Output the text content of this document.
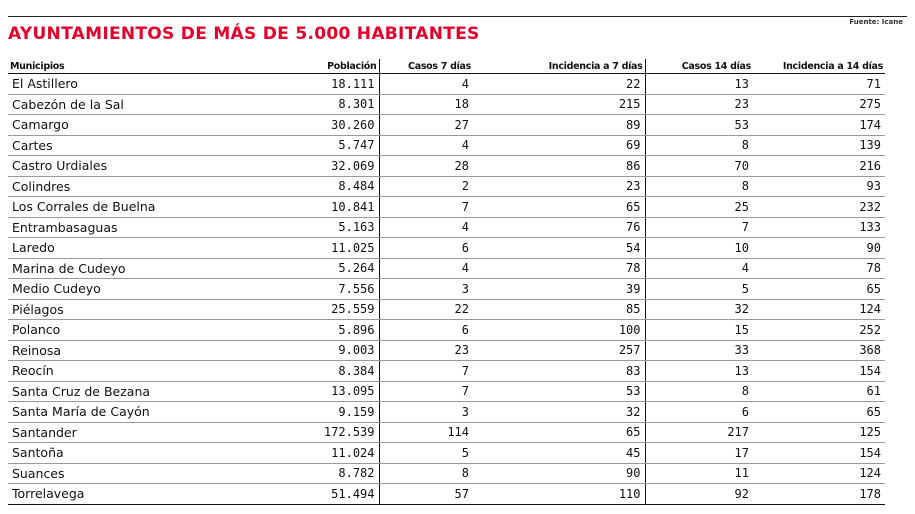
Fuente: Icane
AYUNTAMIENTOS DE MÁS DE 5.000 HABITANTES
Municipios	Población	Casos 7 días	Incidencia a 7 días	Casos 14 días	Incidencia a 14 días
El Astillero	18.111	4	22	13	71
Cabezón de la Sal	8.301	18	215	23	275
Camargo	30.260	27	89	53	174
Cartes	5.747	4	69	8	139
Castro Urdiales	32.069	28	86	70	216
Colindres	8.484	2	23	8	93
Los Corrales de Buelna	10.841	7	65	25	232
Entrambasaguas	5.163	4	76	7	133
Laredo	11.025	6	54	10	90
Marina de Cudeyo	5.264	4	78	4	78
Medio Cudeyo	7.556	3	39	5	65
Piélagos	25.559	22	85	32	124
Polanco	5.896	6	100	15	252
Reinosa	9.003	23	257	33	368
Reocín	8.384	7	83	13	154
Santa Cruz de Bezana	13.095	7	53	8	61
Santa María de Cayón	9.159	3	32	6	65
Santander	172.539	114	65	217	125
Santoña	11.024	5	45	17	154
Suances	8.782	8	90	11	124
Torrelavega	51.494	57	110	92	178
